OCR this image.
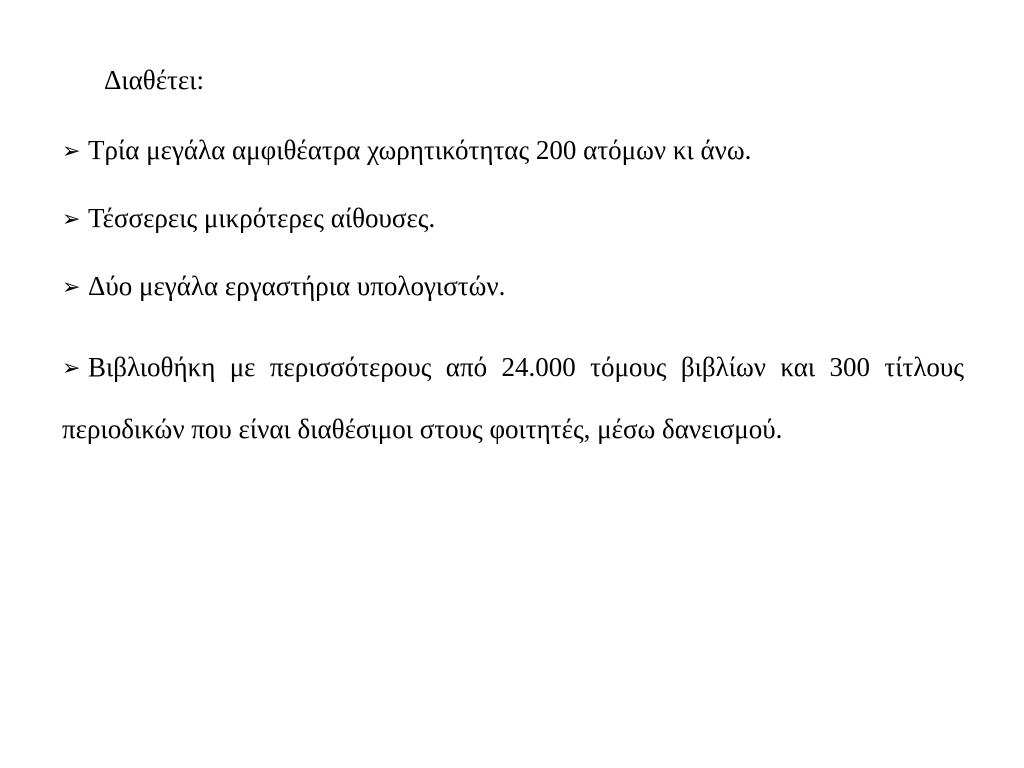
Διαθέτει:
➢ Τρία μεγάλα αμφιθέατρα χωρητικότητας 200 ατόμων κι άνω.
➢ Τέσσερεις μικρότερες αίθουσες.
➢ Δύο μεγάλα εργαστήρια υπολογιστών.
➢ Βιβλιοθήκη με περισσότερους από 24.000 τόμους βιβλίων και 300 τίτλους περιοδικών που είναι διαθέσιμοι στους φοιτητές, μέσω δανεισμού.
